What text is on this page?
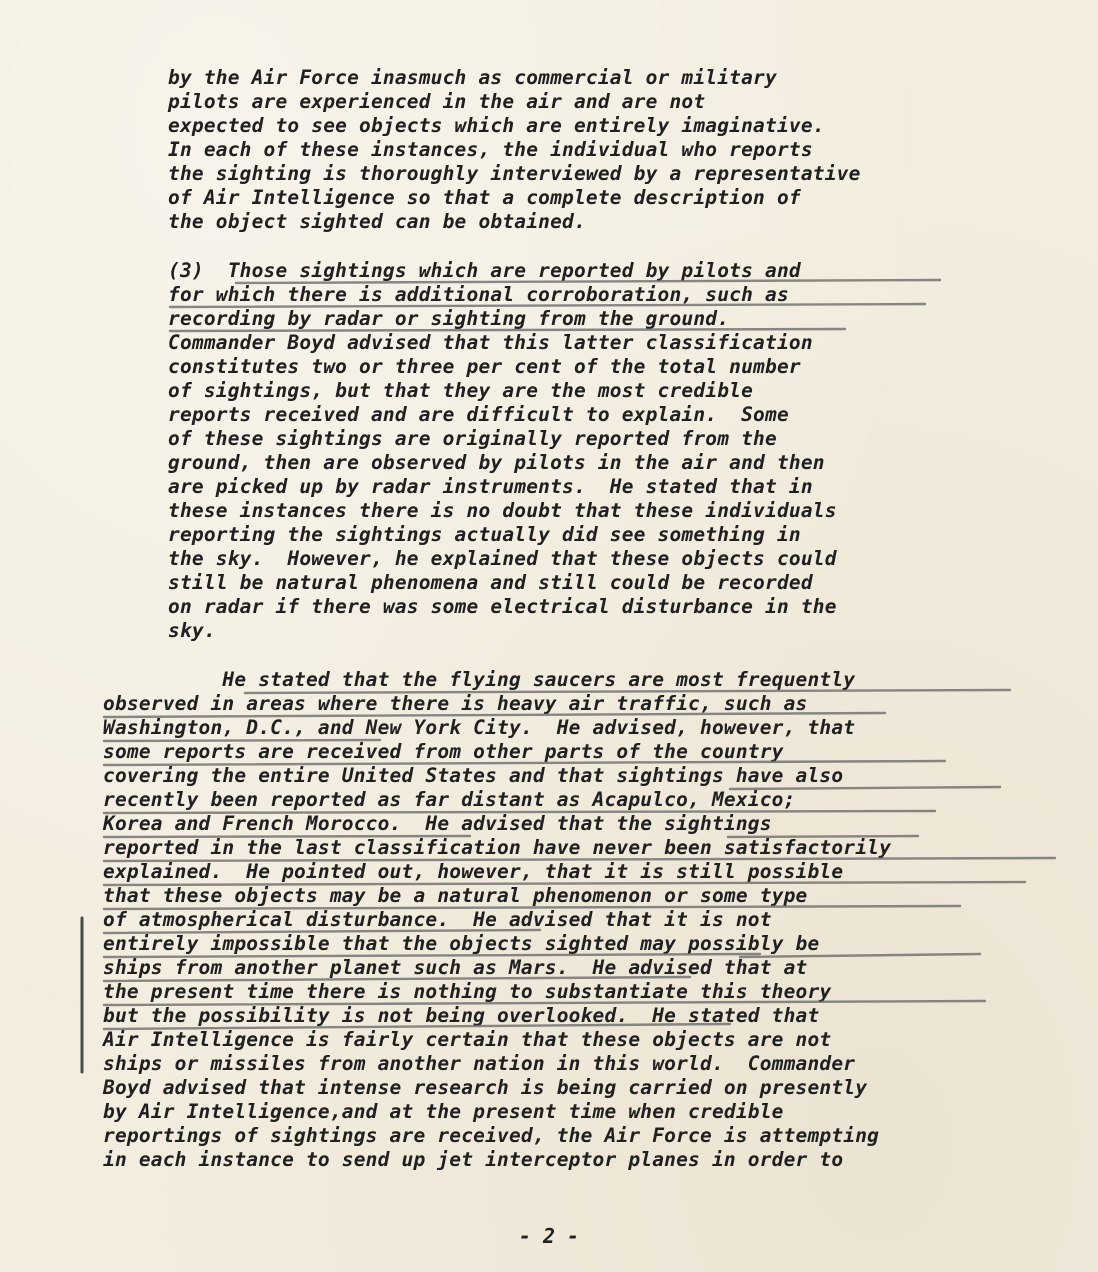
by the Air Force inasmuch as commercial or military
pilots are experienced in the air and are not
expected to see objects which are entirely imaginative.
In each of these instances, the individual who reports
the sighting is thoroughly interviewed by a representative
of Air Intelligence so that a complete description of
the object sighted can be obtained.
(3)  Those sightings which are reported by pilots and
for which there is additional corroboration, such as
recording by radar or sighting from the ground.
Commander Boyd advised that this latter classification
constitutes two or three per cent of the total number
of sightings, but that they are the most credible
reports received and are difficult to explain.  Some
of these sightings are originally reported from the
ground, then are observed by pilots in the air and then
are picked up by radar instruments.  He stated that in
these instances there is no doubt that these individuals
reporting the sightings actually did see something in
the sky.  However, he explained that these objects could
still be natural phenomena and still could be recorded
on radar if there was some electrical disturbance in the
sky.
He stated that the flying saucers are most frequently
observed in areas where there is heavy air traffic, such as
Washington, D.C., and New York City.  He advised, however, that
some reports are received from other parts of the country
covering the entire United States and that sightings have also
recently been reported as far distant as Acapulco, Mexico;
Korea and French Morocco.  He advised that the sightings
reported in the last classification have never been satisfactorily
explained.  He pointed out, however, that it is still possible
that these objects may be a natural phenomenon or some type
of atmospherical disturbance.  He advised that it is not
entirely impossible that the objects sighted may possibly be
ships from another planet such as Mars.  He advised that at
the present time there is nothing to substantiate this theory
but the possibility is not being overlooked.  He stated that
Air Intelligence is fairly certain that these objects are not
ships or missiles from another nation in this world.  Commander
Boyd advised that intense research is being carried on presently
by Air Intelligence,and at the present time when credible
reportings of sightings are received, the Air Force is attempting
in each instance to send up jet interceptor planes in order to
- 2 -
